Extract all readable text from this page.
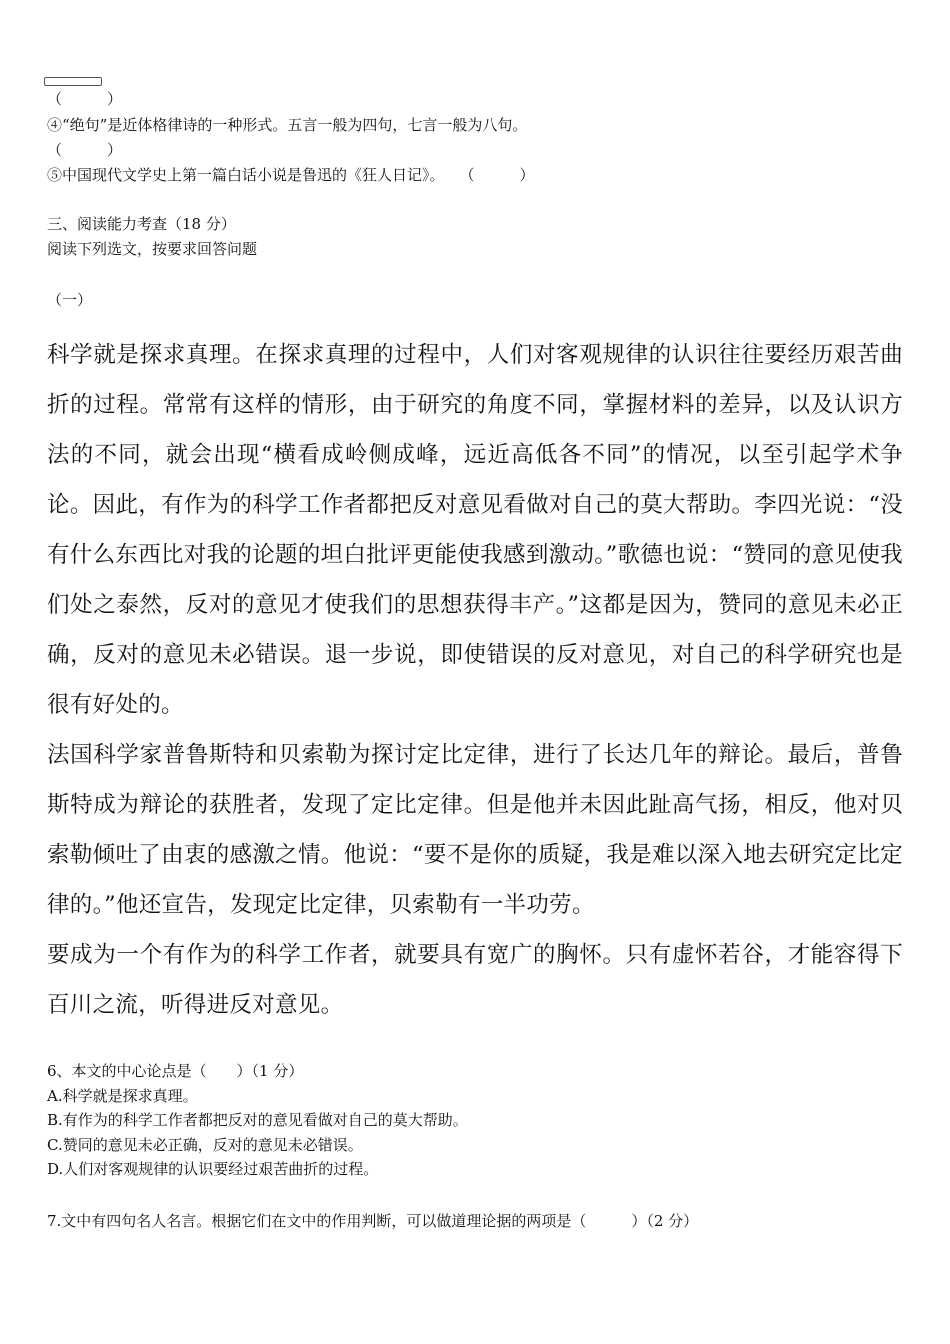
（　　　）
④“绝句”是近体格律诗的一种形式。五言一般为四句，七言一般为八句。
（　　　）
⑤中国现代文学史上第一篇白话小说是鲁迅的《狂人日记》。　　（　　　）
三、阅读能力考查（18 分）
阅读下列选文，按要求回答问题
（一）

科学就是探求真理。在探求真理的过程中，人们对客观规律的认识往往要经历艰苦曲折的过程。常常有这样的情形，由于研究的角度不同，掌握材料的差异，以及认识方法的不同，就会出现“横看成岭侧成峰，远近高低各不同”的情况，以至引起学术争论。因此，有作为的科学工作者都把反对意见看做对自己的莫大帮助。李四光说：“没有什么东西比对我的论题的坦白批评更能使我感到激动。”歌德也说：“赞同的意见使我们处之泰然，反对的意见才使我们的思想获得丰产。”这都是因为，赞同的意见未必正确，反对的意见未必错误。退一步说，即使错误的反对意见，对自己的科学研究也是很有好处的。

法国科学家普鲁斯特和贝索勒为探讨定比定律，进行了长达几年的辩论。最后，普鲁斯特成为辩论的获胜者，发现了定比定律。但是他并未因此趾高气扬，相反，他对贝索勒倾吐了由衷的感激之情。他说：“要不是你的质疑，我是难以深入地去研究定比定律的。”他还宣告，发现定比定律，贝索勒有一半功劳。

要成为一个有作为的科学工作者，就要具有宽广的胸怀。只有虚怀若谷，才能容得下百川之流，听得进反对意见。

6、本文的中心论点是（　　）（1 分）
A.科学就是探求真理。
B.有作为的科学工作者都把反对的意见看做对自己的莫大帮助。
C.赞同的意见未必正确，反对的意见未必错误。
D.人们对客观规律的认识要经过艰苦曲折的过程。
7.文中有四句名人名言。根据它们在文中的作用判断，可以做道理论据的两项是（　　　）（2 分）
